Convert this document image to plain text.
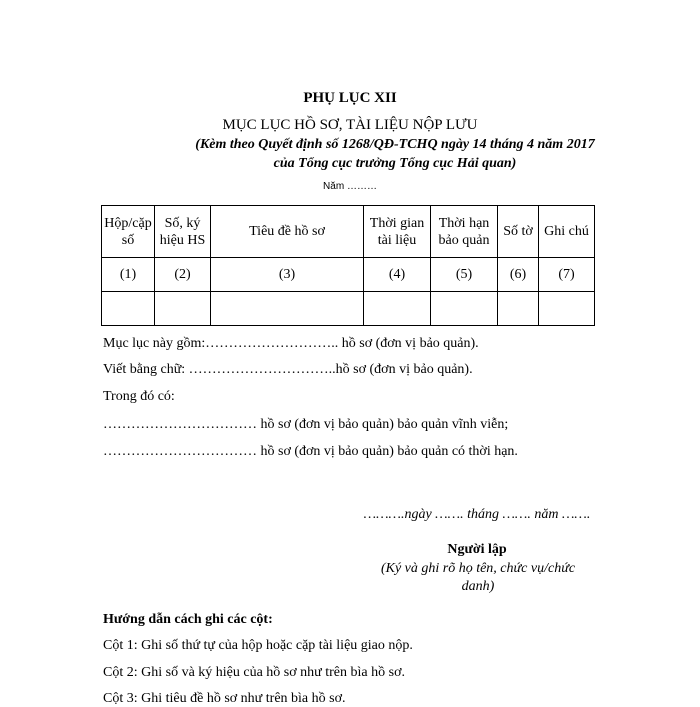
PHỤ LỤC XII
MỤC LỤC HỒ SƠ, TÀI LIỆU NỘP LƯU
(Kèm theo Quyết định số 1268/QĐ-TCHQ ngày 14 tháng 4 năm 2017 của Tổng cục trưởng Tổng cục Hải quan)
Năm ………
Hộp/cặp số	Số, ký hiệu HS	Tiêu đề hồ sơ	Thời gian tài liệu	Thời hạn bảo quản	Số tờ	Ghi chú
(1)	(2)	(3)	(4)	(5)	(6)	(7)

Mục lục này gồm:……………………….. hồ sơ (đơn vị bảo quản).
Viết bằng chữ: …………………………..hồ sơ (đơn vị bảo quản).
Trong đó có:
…………………………… hồ sơ (đơn vị bảo quản) bảo quản vĩnh viễn;
…………………………… hồ sơ (đơn vị bảo quản) bảo quản có thời hạn.
……….ngày ……. tháng ……. năm …….
Người lập
(Ký và ghi rõ họ tên, chức vụ/chức danh)
Hướng dẫn cách ghi các cột:
Cột 1: Ghi số thứ tự của hộp hoặc cặp tài liệu giao nộp.
Cột 2: Ghi số và ký hiệu của hồ sơ như trên bìa hồ sơ.
Cột 3: Ghi tiêu đề hồ sơ như trên bìa hồ sơ.
